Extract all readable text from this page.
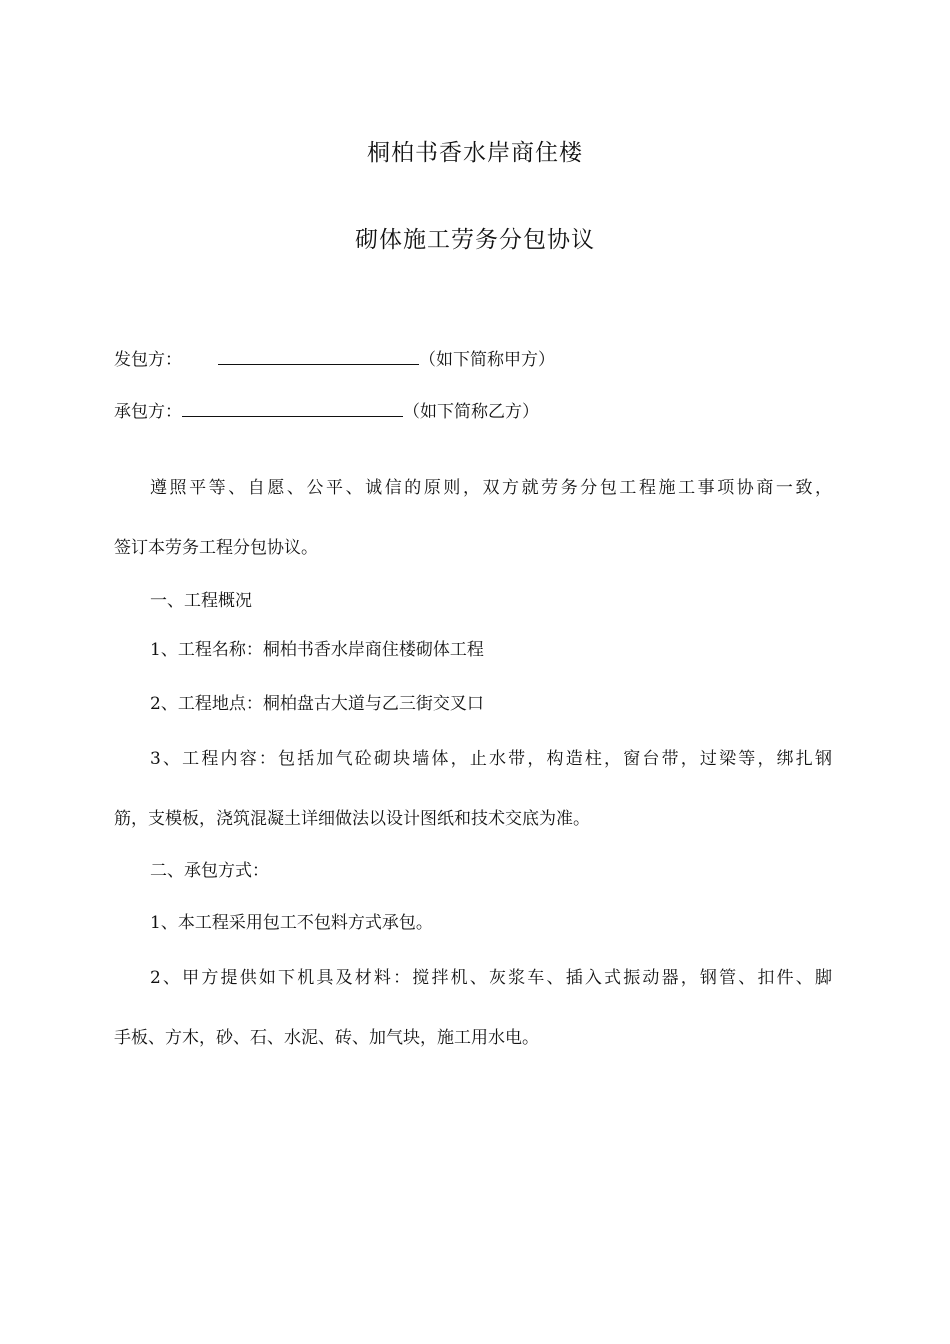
桐柏书香水岸商住楼
砌体施工劳务分包协议
发包方：	（如下简称甲方）
承包方：	（如下简称乙方）
遵照平等、自愿、公平、诚信的原则，双方就劳务分包工程施工事项协商一致，
签订本劳务工程分包协议。
一、工程概况
1、工程名称：桐柏书香水岸商住楼砌体工程
2、工程地点：桐柏盘古大道与乙三街交叉口
3、工程内容：包括加气砼砌块墙体，止水带，构造柱，窗台带，过梁等，绑扎钢
筋，支模板，浇筑混凝土详细做法以设计图纸和技术交底为准。
二、承包方式：
1、本工程采用包工不包料方式承包。
2、甲方提供如下机具及材料：搅拌机、灰浆车、插入式振动器，钢管、扣件、脚
手板、方木，砂、石、水泥、砖、加气块，施工用水电。
